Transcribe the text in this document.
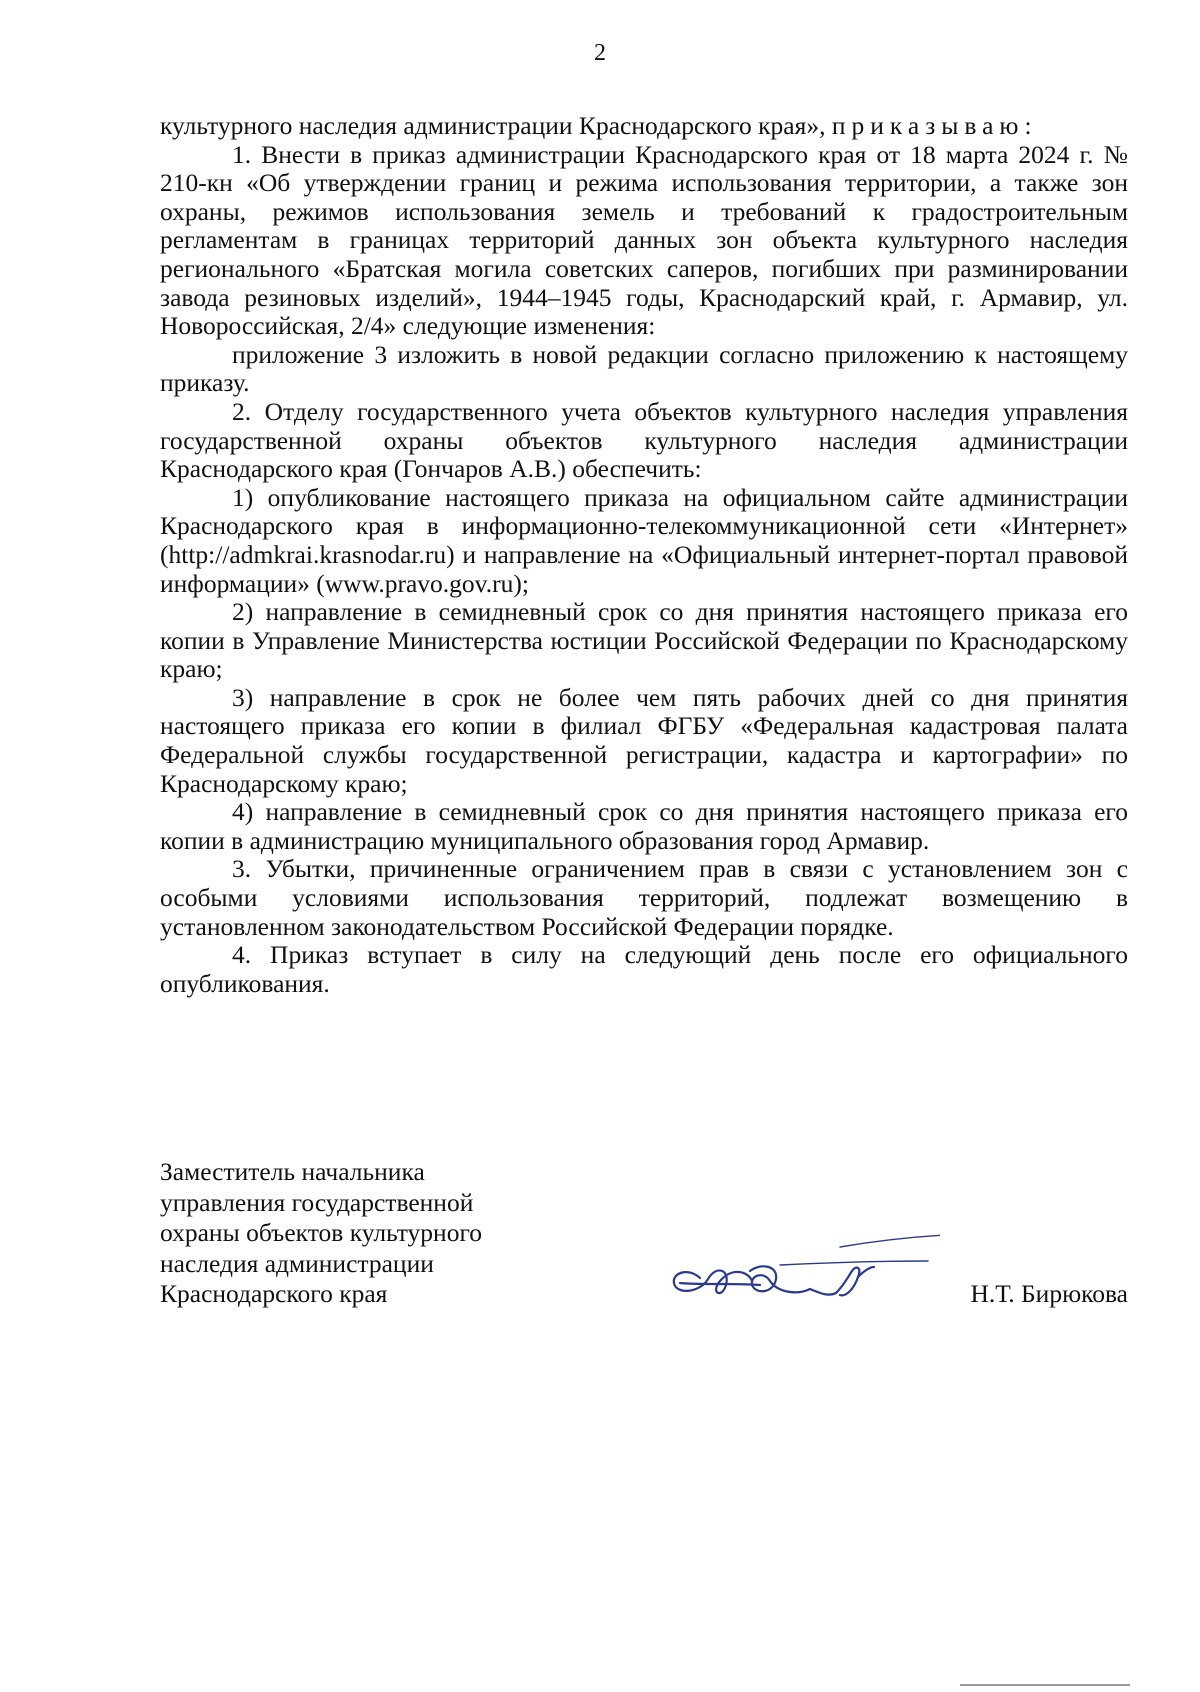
2

культурного наследия администрации Краснодарского края», приказываю:

1. Внести в приказ администрации Краснодарского края от 18 марта 2024 г. № 210-кн «Об утверждении границ и режима использования территории, а также зон охраны, режимов использования земель и требований к градостроительным регламентам в границах территорий данных зон объекта культурного наследия регионального «Братская могила советских саперов, погибших при разминировании завода резиновых изделий», 1944–1945 годы, Краснодарский край, г. Армавир, ул. Новороссийская, 2/4» следующие изменения:

приложение 3 изложить в новой редакции согласно приложению к настоящему приказу.

2. Отделу государственного учета объектов культурного наследия управления государственной охраны объектов культурного наследия администрации Краснодарского края (Гончаров А.В.) обеспечить:

1) опубликование настоящего приказа на официальном сайте администрации Краснодарского края в информационно-телекоммуникационной сети «Интернет» (http://admkrai.krasnodar.ru) и направление на «Официальный интернет-портал правовой информации» (www.pravo.gov.ru);

2) направление в семидневный срок со дня принятия настоящего приказа его копии в Управление Министерства юстиции Российской Федерации по Краснодарскому краю;

3) направление в срок не более чем пять рабочих дней со дня принятия настоящего приказа его копии в филиал ФГБУ «Федеральная кадастровая палата Федеральной службы государственной регистрации, кадастра и картографии» по Краснодарскому краю;

4) направление в семидневный срок со дня принятия настоящего приказа его копии в администрацию муниципального образования город Армавир.

3. Убытки, причиненные ограничением прав в связи с установлением зон с особыми условиями использования территорий, подлежат возмещению в установленном законодательством Российской Федерации порядке.

4. Приказ вступает в силу на следующий день после его официального опубликования.

Заместитель начальника
управления государственной
охраны объектов культурного
наследия администрации
Краснодарского края	Н.Т. Бирюкова
